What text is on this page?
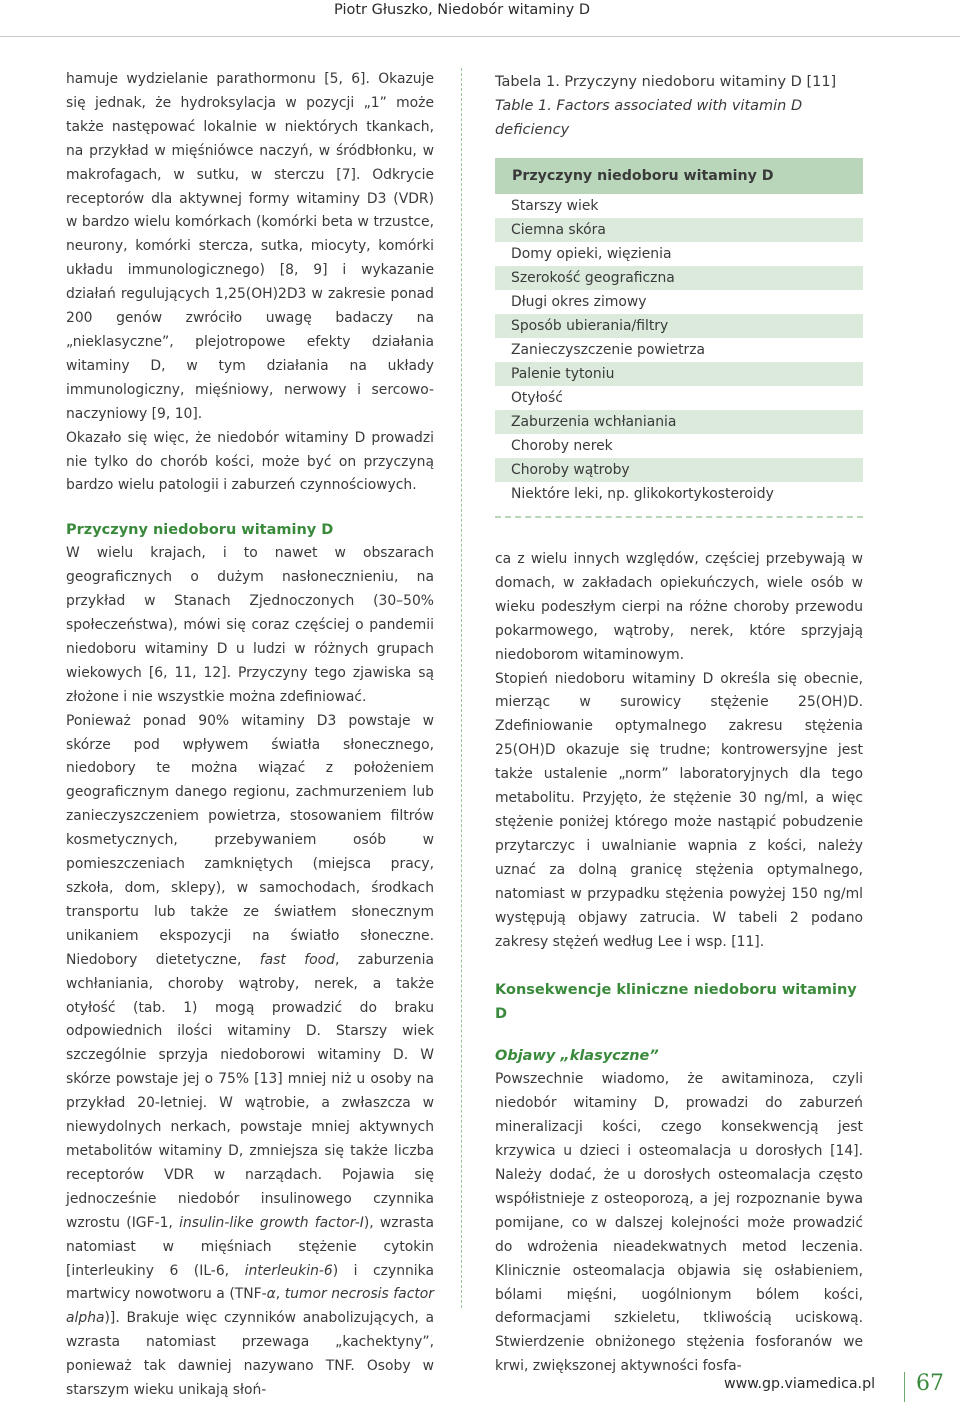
Piotr Głuszko, Niedobór witaminy D

hamuje wydzielanie parathormonu [5, 6]. Okazuje się jednak, że hydroksylacja w pozycji „1” może także następować lokalnie w niektórych tkankach, na przykład w mięśniówce naczyń, w śródbłonku, w makrofagach, w sutku, w sterczu [7]. Odkrycie receptorów dla aktywnej formy witaminy D3 (VDR) w bardzo wielu komórkach (komórki beta w trzustce, neurony, komórki stercza, sutka, miocyty, komórki układu immunologicznego) [8, 9] i wykazanie działań regulujących 1,25(OH)2D3 w zakresie ponad 200 genów zwróciło uwagę badaczy na „nieklasyczne”, plejotropowe efekty działania witaminy D, w tym działania na układy immunologiczny, mięśniowy, nerwowy i sercowo-naczyniowy [9, 10].

Okazało się więc, że niedobór witaminy D prowadzi nie tylko do chorób kości, może być on przyczyną bardzo wielu patologii i zaburzeń czynnościowych.

Przyczyny niedoboru witaminy D

W wielu krajach, i to nawet w obszarach geograficznych o dużym nasłonecznieniu, na przykład w Stanach Zjednoczonych (30–50% społeczeństwa), mówi się coraz częściej o pandemii niedoboru witaminy D u ludzi w różnych grupach wiekowych [6, 11, 12]. Przyczyny tego zjawiska są złożone i nie wszystkie można zdefiniować.

Ponieważ ponad 90% witaminy D3 powstaje w skórze pod wpływem światła słonecznego, niedobory te można wiązać z położeniem geograficznym danego regionu, zachmurzeniem lub zanieczyszczeniem powietrza, stosowaniem filtrów kosmetycznych, przebywaniem osób w pomieszczeniach zamkniętych (miejsca pracy, szkoła, dom, sklepy), w samochodach, środkach transportu lub także ze światłem słonecznym unikaniem ekspozycji na światło słoneczne. Niedobory dietetyczne, fast food, zaburzenia wchłaniania, choroby wątroby, nerek, a także otyłość (tab. 1) mogą prowadzić do braku odpowiednich ilości witaminy D. Starszy wiek szczególnie sprzyja niedoborowi witaminy D. W skórze powstaje jej o 75% [13] mniej niż u osoby na przykład 20-letniej. W wątrobie, a zwłaszcza w niewydolnych nerkach, powstaje mniej aktywnych metabolitów witaminy D, zmniejsza się także liczba receptorów VDR w narządach. Pojawia się jednocześnie niedobór insulinowego czynnika wzrostu (IGF-1, insulin-like growth factor-I), wzrasta natomiast w mięśniach stężenie cytokin [interleukiny 6 (IL-6, interleukin-6) i czynnika martwicy nowotworu a (TNF-α, tumor necrosis factor alpha)]. Brakuje więc czynników anabolizujących, a wzrasta natomiast przewaga „kachektyny”, ponieważ tak dawniej nazywano TNF. Osoby w starszym wieku unikają słoń-

Tabela 1. Przyczyny niedoboru witaminy D [11]
Table 1. Factors associated with vitamin D deficiency
Przyczyny niedoboru witaminy D
Starszy wiek
Ciemna skóra
Domy opieki, więzienia
Szerokość geograficzna
Długi okres zimowy
Sposób ubierania/filtry
Zanieczyszczenie powietrza
Palenie tytoniu
Otyłość
Zaburzenia wchłaniania
Choroby nerek
Choroby wątroby
Niektóre leki, np. glikokortykosteroidy

ca z wielu innych względów, częściej przebywają w domach, w zakładach opiekuńczych, wiele osób w wieku podeszłym cierpi na różne choroby przewodu pokarmowego, wątroby, nerek, które sprzyjają niedoborom witaminowym.

Stopień niedoboru witaminy D określa się obecnie, mierząc w surowicy stężenie 25(OH)D. Zdefiniowanie optymalnego zakresu stężenia 25(OH)D okazuje się trudne; kontrowersyjne jest także ustalenie „norm” laboratoryjnych dla tego metabolitu. Przyjęto, że stężenie 30 ng/ml, a więc stężenie poniżej którego może nastąpić pobudzenie przytarczyc i uwalnianie wapnia z kości, należy uznać za dolną granicę stężenia optymalnego, natomiast w przypadku stężenia powyżej 150 ng/ml występują objawy zatrucia. W tabeli 2 podano zakresy stężeń według Lee i wsp. [11].

Konsekwencje kliniczne niedoboru witaminy D
Objawy „klasyczne”

Powszechnie wiadomo, że awitaminoza, czyli niedobór witaminy D, prowadzi do zaburzeń mineralizacji kości, czego konsekwencją jest krzywica u dzieci i osteomalacja u dorosłych [14]. Należy dodać, że u dorosłych osteomalacja często współistnieje z osteoporozą, a jej rozpoznanie bywa pomijane, co w dalszej kolejności może prowadzić do wdrożenia nieadekwatnych metod leczenia. Klinicznie osteomalacja objawia się osłabieniem, bólami mięśni, uogólnionym bólem kości, deformacjami szkieletu, tkliwością uciskową. Stwierdzenie obniżonego stężenia fosforanów we krwi, zwiększonej aktywności fosfa-

www.gp.viamedica.pl 67
